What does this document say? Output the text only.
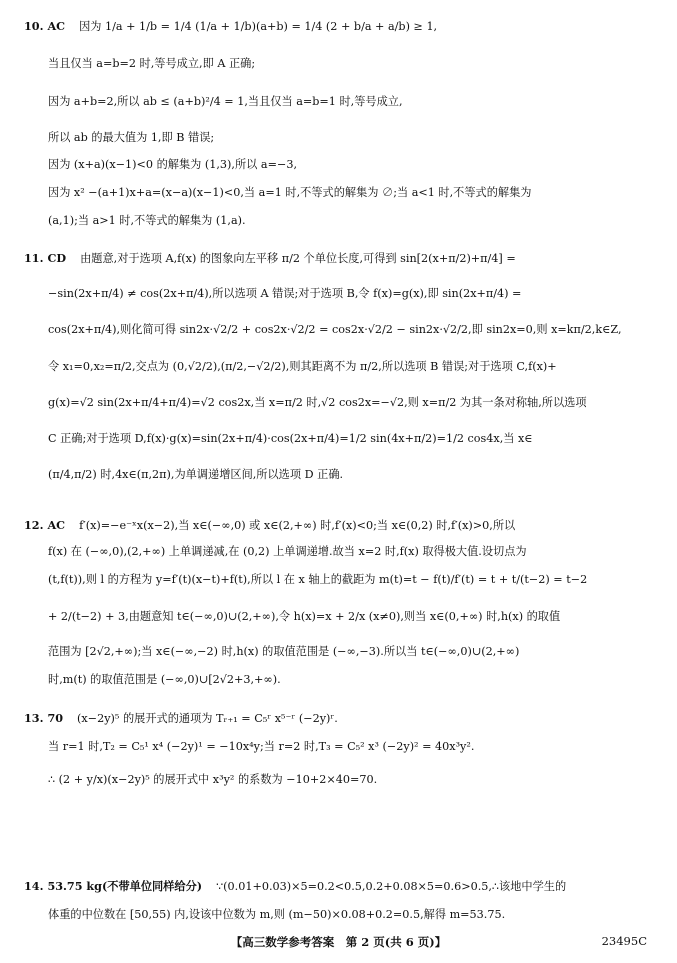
10. AC 因为 1/a + 1/b = 1/4 (1/a + 1/b)(a+b) = 1/4 (2 + b/a + a/b) ≥ 1,
当且仅当 a=b=2 时,等号成立,即 A 正确;
因为 a+b=2,所以 ab ≤ (a+b)²/4 = 1,当且仅当 a=b=1 时,等号成立,
所以 ab 的最大值为 1,即 B 错误;
因为 (x+a)(x−1)<0 的解集为 (1,3),所以 a=−3,
因为 x² −(a+1)x+a=(x−a)(x−1)<0,当 a=1 时,不等式的解集为 ∅;当 a<1 时,不等式的解集为
(a,1);当 a>1 时,不等式的解集为 (1,a).
11. CD 由题意,对于选项 A,f(x) 的图象向左平移 π/2 个单位长度,可得到 sin[2(x+π/2)+π/4] =
−sin(2x+π/4) ≠ cos(2x+π/4),所以选项 A 错误;对于选项 B,令 f(x)=g(x),即 sin(2x+π/4) =
cos(2x+π/4),则化简可得 sin2x·√2/2 + cos2x·√2/2 = cos2x·√2/2 − sin2x·√2/2,即 sin2x=0,则 x=kπ/2,k∈Z,
令 x₁=0,x₂=π/2,交点为 (0,√2/2),(π/2,−√2/2),则其距离不为 π/2,所以选项 B 错误;对于选项 C,f(x)+
g(x)=√2 sin(2x+π/4+π/4)=√2 cos2x,当 x=π/2 时,√2 cos2x=−√2,则 x=π/2 为其一条对称轴,所以选项
C 正确;对于选项 D,f(x)·g(x)=sin(2x+π/4)·cos(2x+π/4)=1/2 sin(4x+π/2)=1/2 cos4x,当 x∈
(π/4,π/2) 时,4x∈(π,2π),为单调递增区间,所以选项 D 正确.
12. AC f′(x)=−e⁻ˣx(x−2),当 x∈(−∞,0) 或 x∈(2,+∞) 时,f′(x)<0;当 x∈(0,2) 时,f′(x)>0,所以
f(x) 在 (−∞,0),(2,+∞) 上单调递减,在 (0,2) 上单调递增.故当 x=2 时,f(x) 取得极大值.设切点为
(t,f(t)),则 l 的方程为 y=f′(t)(x−t)+f(t),所以 l 在 x 轴上的截距为 m(t)=t − f(t)/f′(t) = t + t/(t−2) = t−2
+ 2/(t−2) + 3,由题意知 t∈(−∞,0)∪(2,+∞),令 h(x)=x + 2/x (x≠0),则当 x∈(0,+∞) 时,h(x) 的取值
范围为 [2√2,+∞);当 x∈(−∞,−2) 时,h(x) 的取值范围是 (−∞,−3).所以当 t∈(−∞,0)∪(2,+∞)
时,m(t) 的取值范围是 (−∞,0)∪[2√2+3,+∞).
13. 70 (x−2y)⁵ 的展开式的通项为 Tᵣ₊₁ = C₅ʳ x⁵⁻ʳ (−2y)ʳ.
当 r=1 时,T₂ = C₅¹ x⁴ (−2y)¹ = −10x⁴y;当 r=2 时,T₃ = C₅² x³ (−2y)² = 40x³y².
∴ (2 + y/x)(x−2y)⁵ 的展开式中 x³y² 的系数为 −10+2×40=70.
14. 53.75 kg(不带单位同样给分) ∵(0.01+0.03)×5=0.2<0.5,0.2+0.08×5=0.6>0.5,∴该地中学生的
体重的中位数在 [50,55) 内,设该中位数为 m,则 (m−50)×0.08+0.2=0.5,解得 m=53.75.
【高三数学参考答案　第 2 页(共 6 页)】	23495C
